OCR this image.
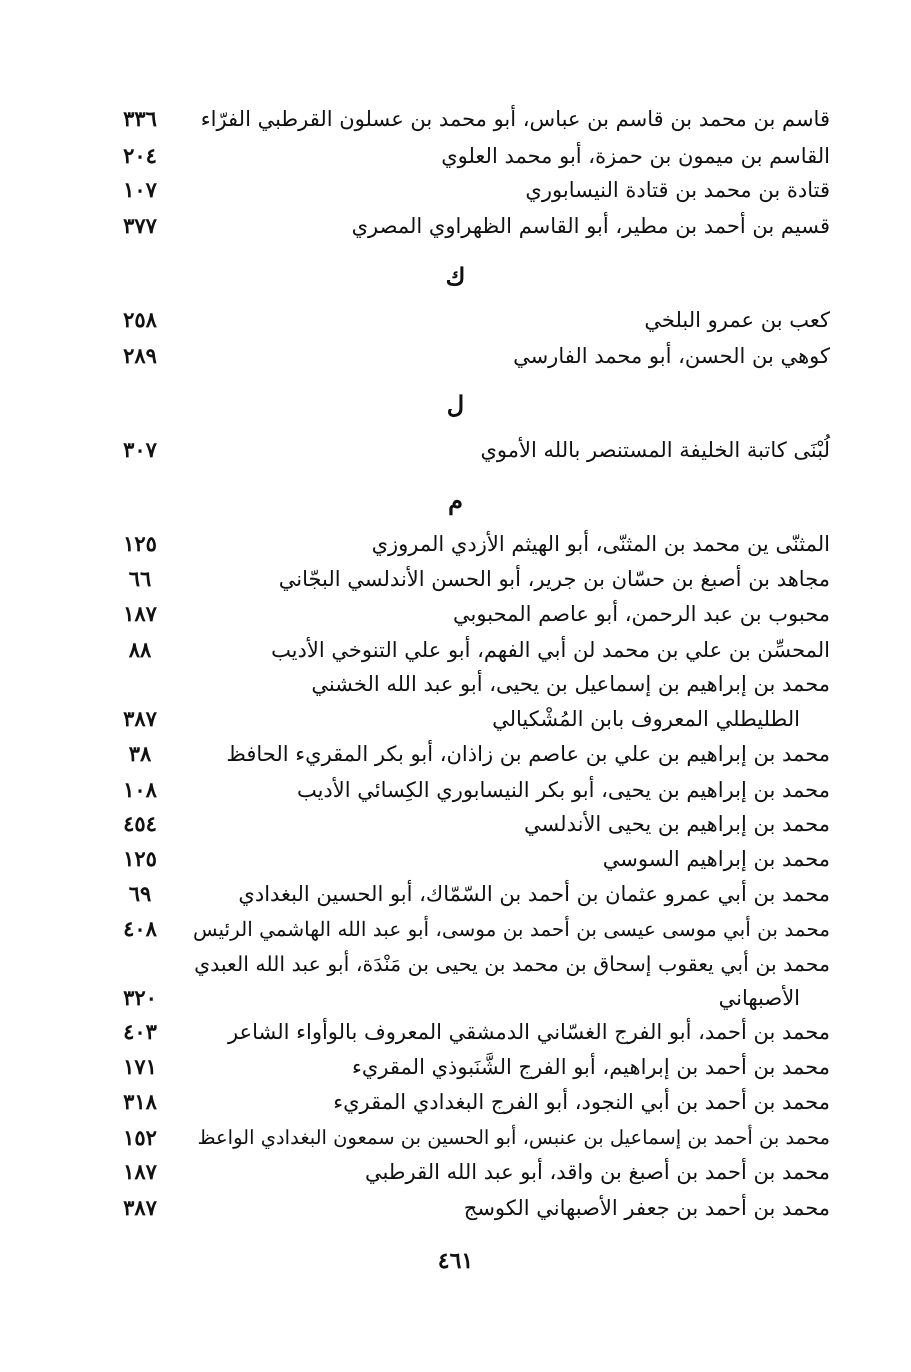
قاسم بن محمد بن قاسم بن عباس، أبو محمد بن عسلون القرطبي الفرّاء
٣٣٦
القاسم بن ميمون بن حمزة، أبو محمد العلوي
٢٠٤
قتادة بن محمد بن قتادة النيسابوري
١٠٧
قسيم بن أحمد بن مطير، أبو القاسم الظهراوي المصري
٣٧٧
ك
كعب بن عمرو البلخي
٢٥٨
كوهي بن الحسن، أبو محمد الفارسي
٢٨٩
ل
لُبْنَى كاتبة الخليفة المستنصر بالله الأموي
٣٠٧
م
المثنّى ين محمد بن المثنّى، أبو الهيثم الأزدي المروزي
١٢٥
مجاهد بن أصبغ بن حسّان بن جرير، أبو الحسن الأندلسي البجّاني
٦٦
محبوب بن عبد الرحمن، أبو عاصم المحبوبي
١٨٧
المحسِّن بن علي بن محمد لن أبي الفهم، أبو علي التنوخي الأديب
٨٨
محمد بن إبراهيم بن إسماعيل بن يحيى، أبو عبد الله الخشني
الطليطلي المعروف بابن المُشْكيالي
٣٨٧
محمد بن إبراهيم بن علي بن عاصم بن زاذان، أبو بكر المقريء الحافظ
٣٨
محمد بن إبراهيم بن يحيى، أبو بكر النيسابوري الكِسائي الأديب
١٠٨
محمد بن إبراهيم بن يحيى الأندلسي
٤٥٤
محمد بن إبراهيم السوسي
١٢٥
محمد بن أبي عمرو عثمان بن أحمد بن السّمّاك، أبو الحسين البغدادي
٦٩
محمد بن أبي موسى عيسى بن أحمد بن موسى، أبو عبد الله الهاشمي الرئيس
٤٠٨
محمد بن أبي يعقوب إسحاق بن محمد بن يحيى بن مَنْدَة، أبو عبد الله العبدي
الأصبهاني
٣٢٠
محمد بن أحمد، أبو الفرج الغسّاني الدمشقي المعروف بالوأواء الشاعر
٤٠٣
محمد بن أحمد بن إبراهيم، أبو الفرج الشَّنَبوذي المقريء
١٧١
محمد بن أحمد بن أبي النجود، أبو الفرج البغدادي المقريء
٣١٨
محمد بن أحمد بن إسماعيل بن عنبس، أبو الحسين بن سمعون البغدادي الواعظ
١٥٢
محمد بن أحمد بن أصبغ بن واقد، أبو عبد الله القرطبي
١٨٧
محمد بن أحمد بن جعفر الأصبهاني الكوسج
٣٨٧
٤٦١
